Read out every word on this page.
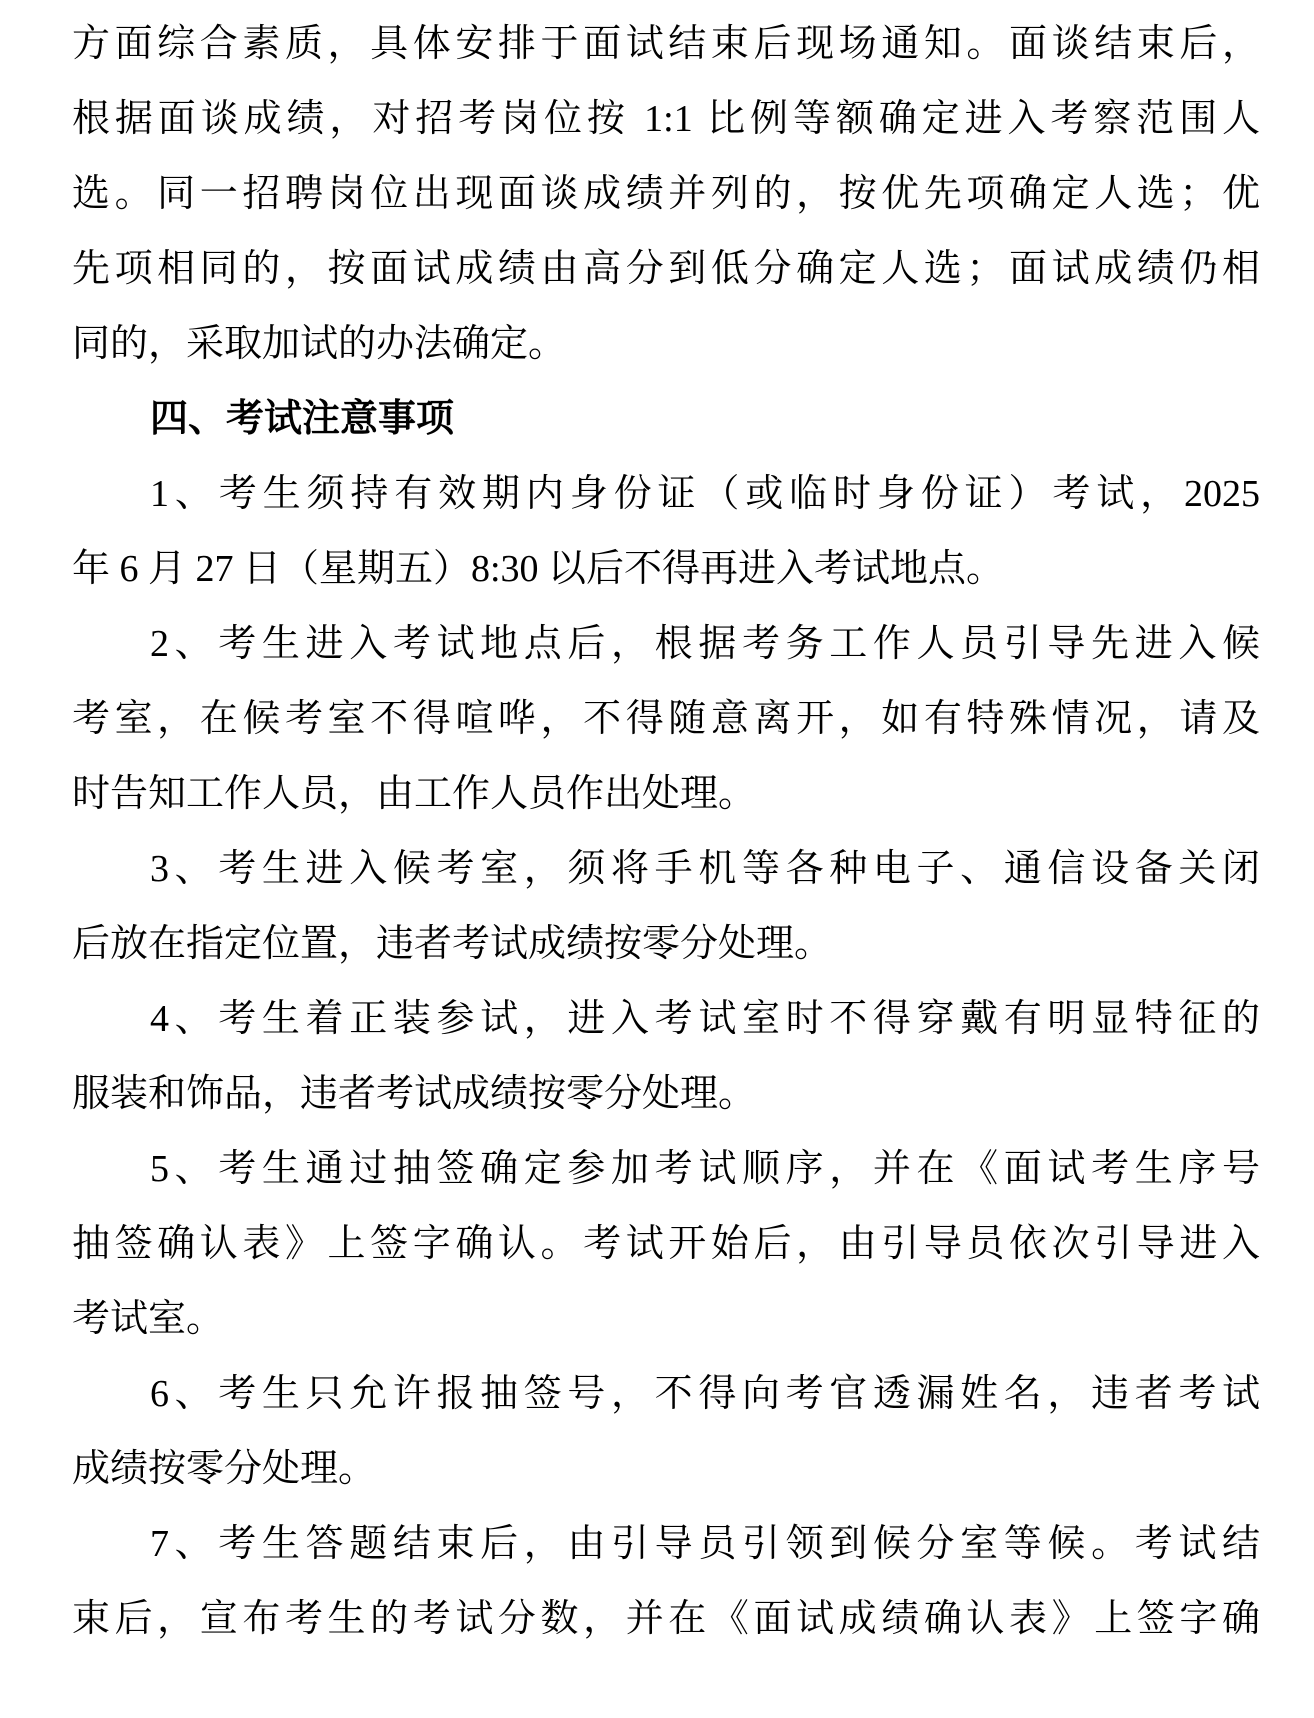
方面综合素质，具体安排于面试结束后现场通知。面谈结束后，
根据面谈成绩，对招考岗位按 1:1 比例等额确定进入考察范围人
选。同一招聘岗位出现面谈成绩并列的，按优先项确定人选；优
先项相同的，按面试成绩由高分到低分确定人选；面试成绩仍相
同的，采取加试的办法确定。
四、考试注意事项
1、考生须持有效期内身份证（或临时身份证）考试，2025
年 6 月 27 日（星期五）8:30 以后不得再进入考试地点。
2、考生进入考试地点后，根据考务工作人员引导先进入候
考室，在候考室不得喧哗，不得随意离开，如有特殊情况，请及
时告知工作人员，由工作人员作出处理。
3、考生进入候考室，须将手机等各种电子、通信设备关闭
后放在指定位置，违者考试成绩按零分处理。
4、考生着正装参试，进入考试室时不得穿戴有明显特征的
服装和饰品，违者考试成绩按零分处理。
5、考生通过抽签确定参加考试顺序，并在《面试考生序号
抽签确认表》上签字确认。考试开始后，由引导员依次引导进入
考试室。
6、考生只允许报抽签号，不得向考官透漏姓名，违者考试
成绩按零分处理。
7、考生答题结束后，由引导员引领到候分室等候。考试结
束后，宣布考生的考试分数，并在《面试成绩确认表》上签字确
